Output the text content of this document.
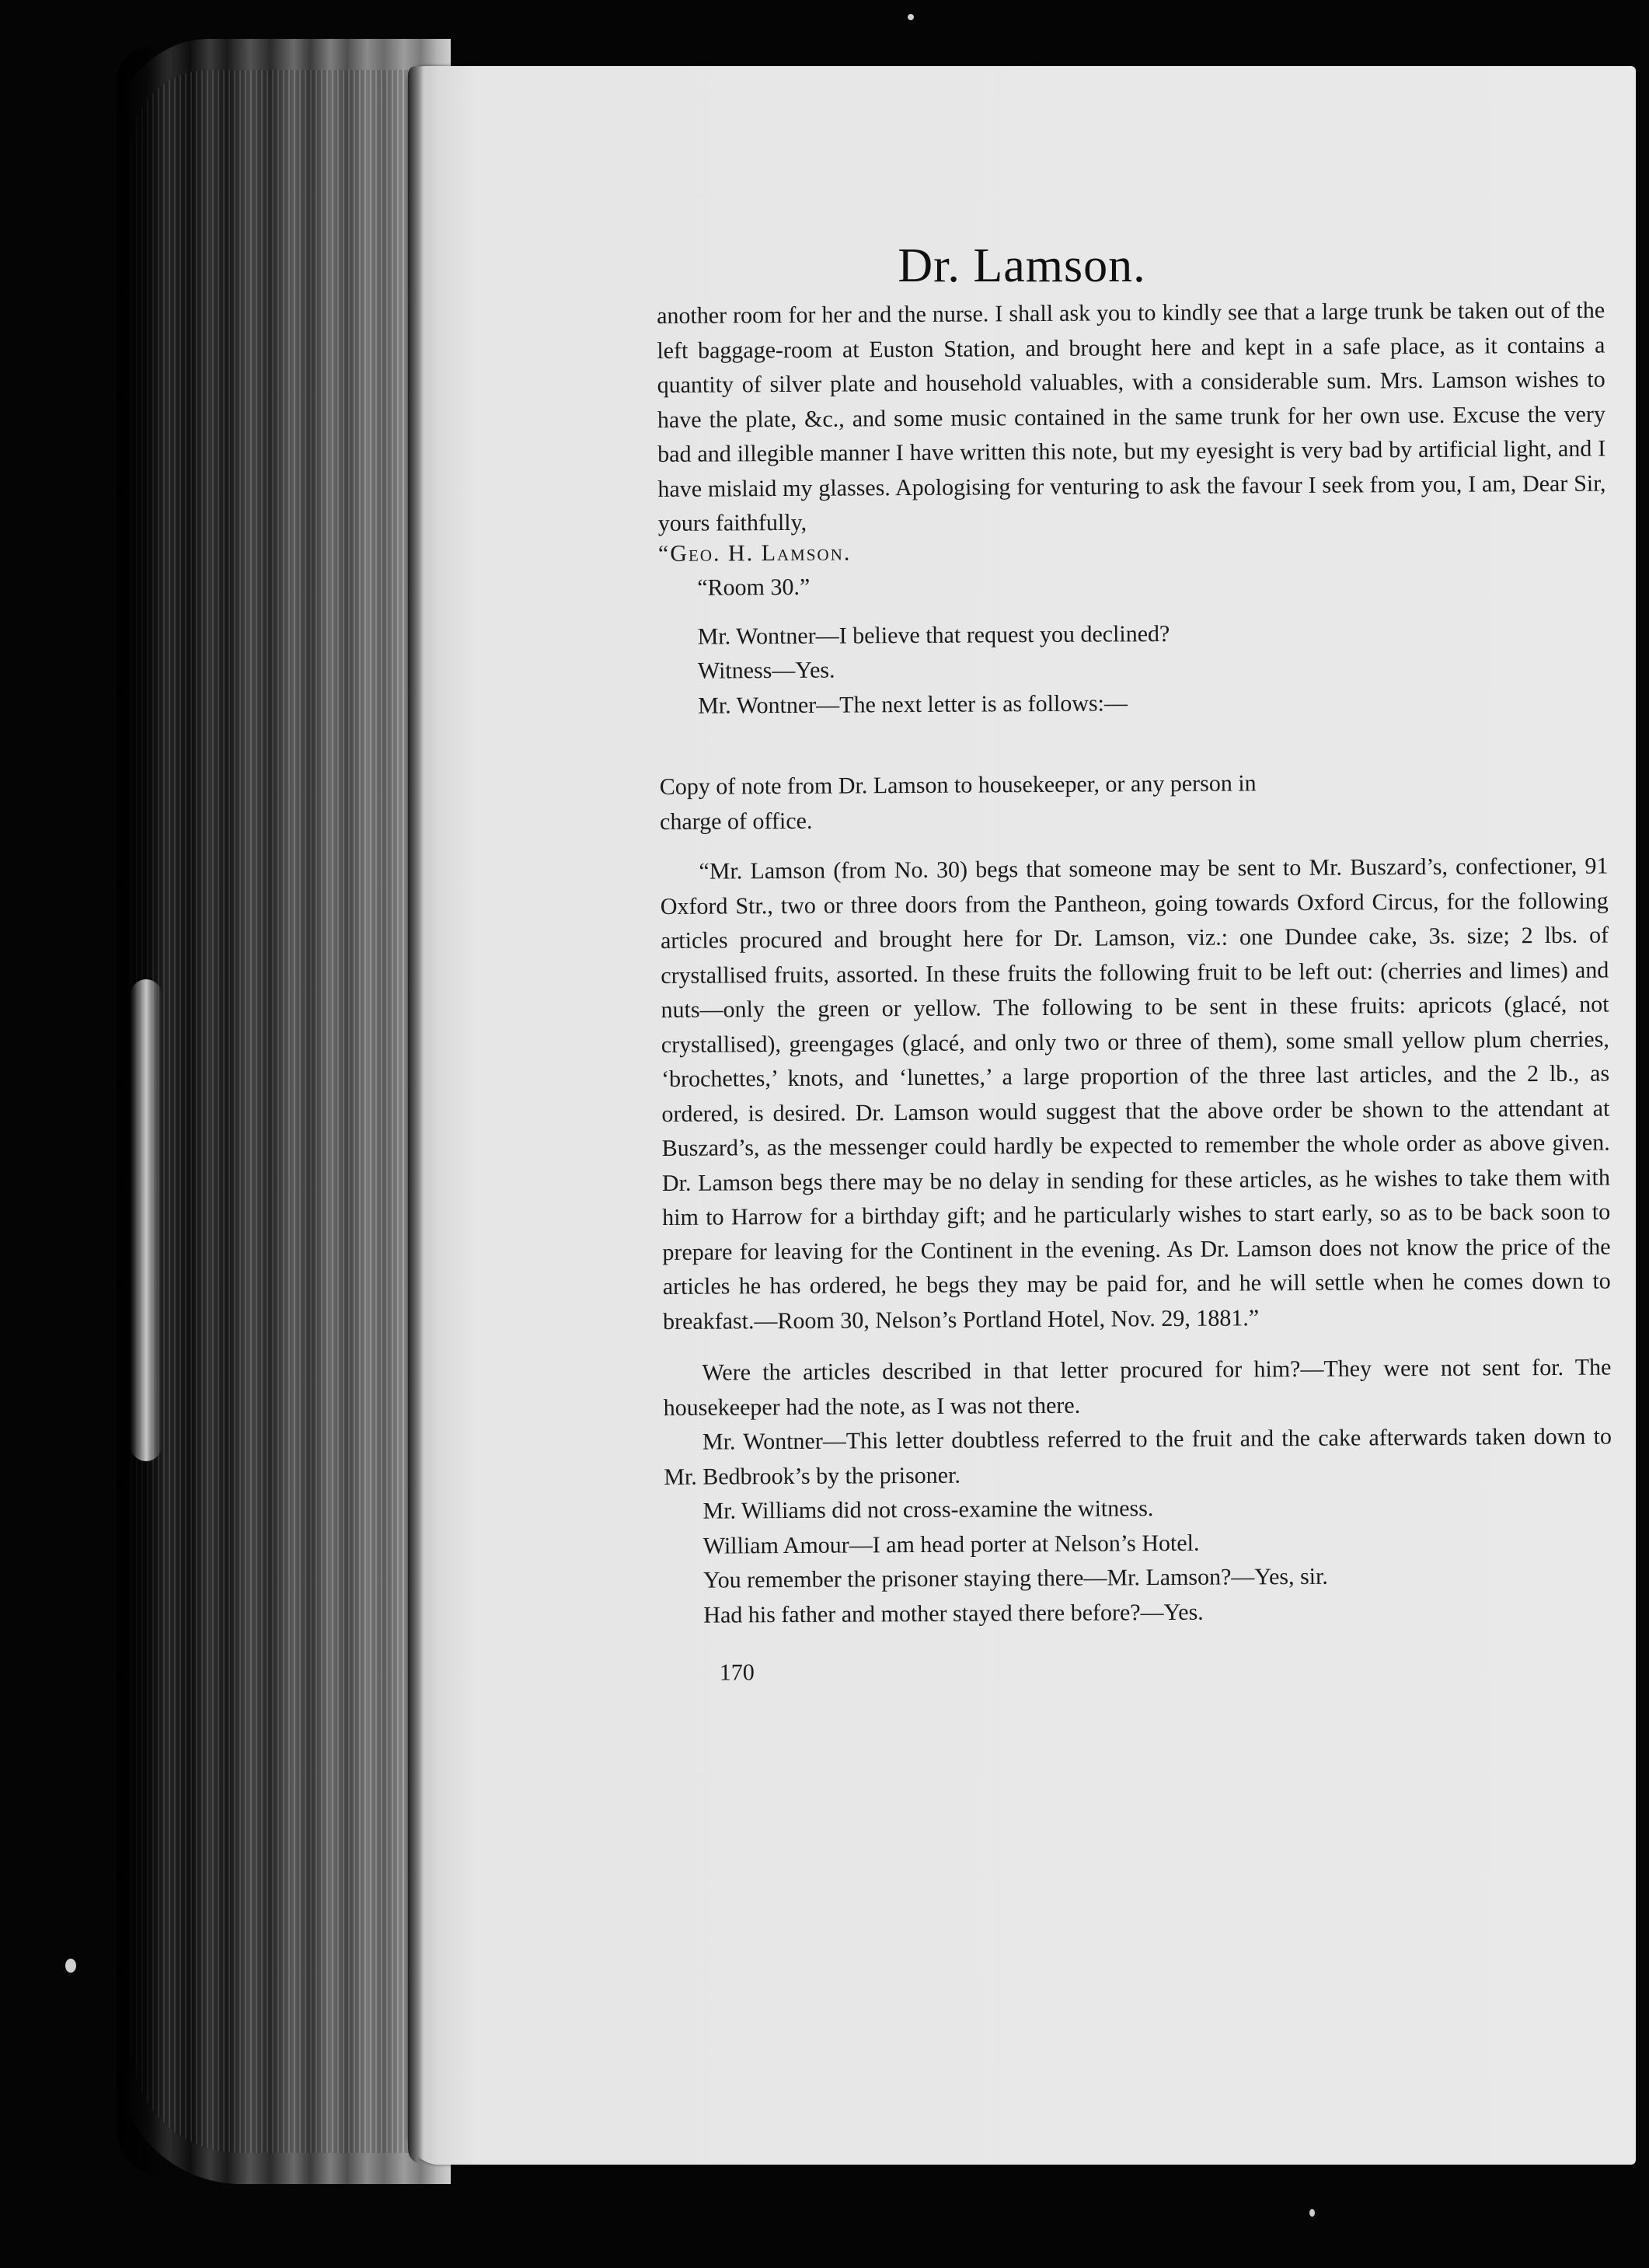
Dr. Lamson.

another room for her and the nurse. I shall ask you to kindly see that a large trunk be taken out of the left baggage-room at Euston Station, and brought here and kept in a safe place, as it contains a quantity of silver plate and household valuables, with a considerable sum. Mrs. Lamson wishes to have the plate, &c., and some music contained in the same trunk for her own use. Excuse the very bad and illegible manner I have written this note, but my eyesight is very bad by artificial light, and I have mislaid my glasses. Apologising for venturing to ask the favour I seek from you, I am, Dear Sir, yours faithfully,

“Geo. H. Lamson.

“Room 30.”

Mr. Wontner—I believe that request you declined?

Witness—Yes.

Mr. Wontner—The next letter is as follows:—

Copy of note from Dr. Lamson to housekeeper, or any person in
charge of office.

“Mr. Lamson (from No. 30) begs that someone may be sent to Mr. Buszard’s, confectioner, 91 Oxford Str., two or three doors from the Pantheon, going towards Oxford Circus, for the following articles procured and brought here for Dr. Lamson, viz.: one Dundee cake, 3s. size; 2 lbs. of crystallised fruits, assorted. In these fruits the following fruit to be left out: (cherries and limes) and nuts—only the green or yellow. The following to be sent in these fruits: apricots (glacé, not crystallised), greengages (glacé, and only two or three of them), some small yellow plum cherries, ‘brochettes,’ knots, and ‘lunettes,’ a large proportion of the three last articles, and the 2 lb., as ordered, is desired. Dr. Lamson would suggest that the above order be shown to the attendant at Buszard’s, as the messenger could hardly be expected to remember the whole order as above given. Dr. Lamson begs there may be no delay in sending for these articles, as he wishes to take them with him to Harrow for a birthday gift; and he particularly wishes to start early, so as to be back soon to prepare for leaving for the Continent in the evening. As Dr. Lamson does not know the price of the articles he has ordered, he begs they may be paid for, and he will settle when he comes down to breakfast.—Room 30, Nelson’s Portland Hotel, Nov. 29, 1881.”

Were the articles described in that letter procured for him?—They were not sent for. The housekeeper had the note, as I was not there.

Mr. Wontner—This letter doubtless referred to the fruit and the cake afterwards taken down to Mr. Bedbrook’s by the prisoner.

Mr. Williams did not cross-examine the witness.

William Amour—I am head porter at Nelson’s Hotel.

You remember the prisoner staying there—Mr. Lamson?—Yes, sir.

Had his father and mother stayed there before?—Yes.

170
